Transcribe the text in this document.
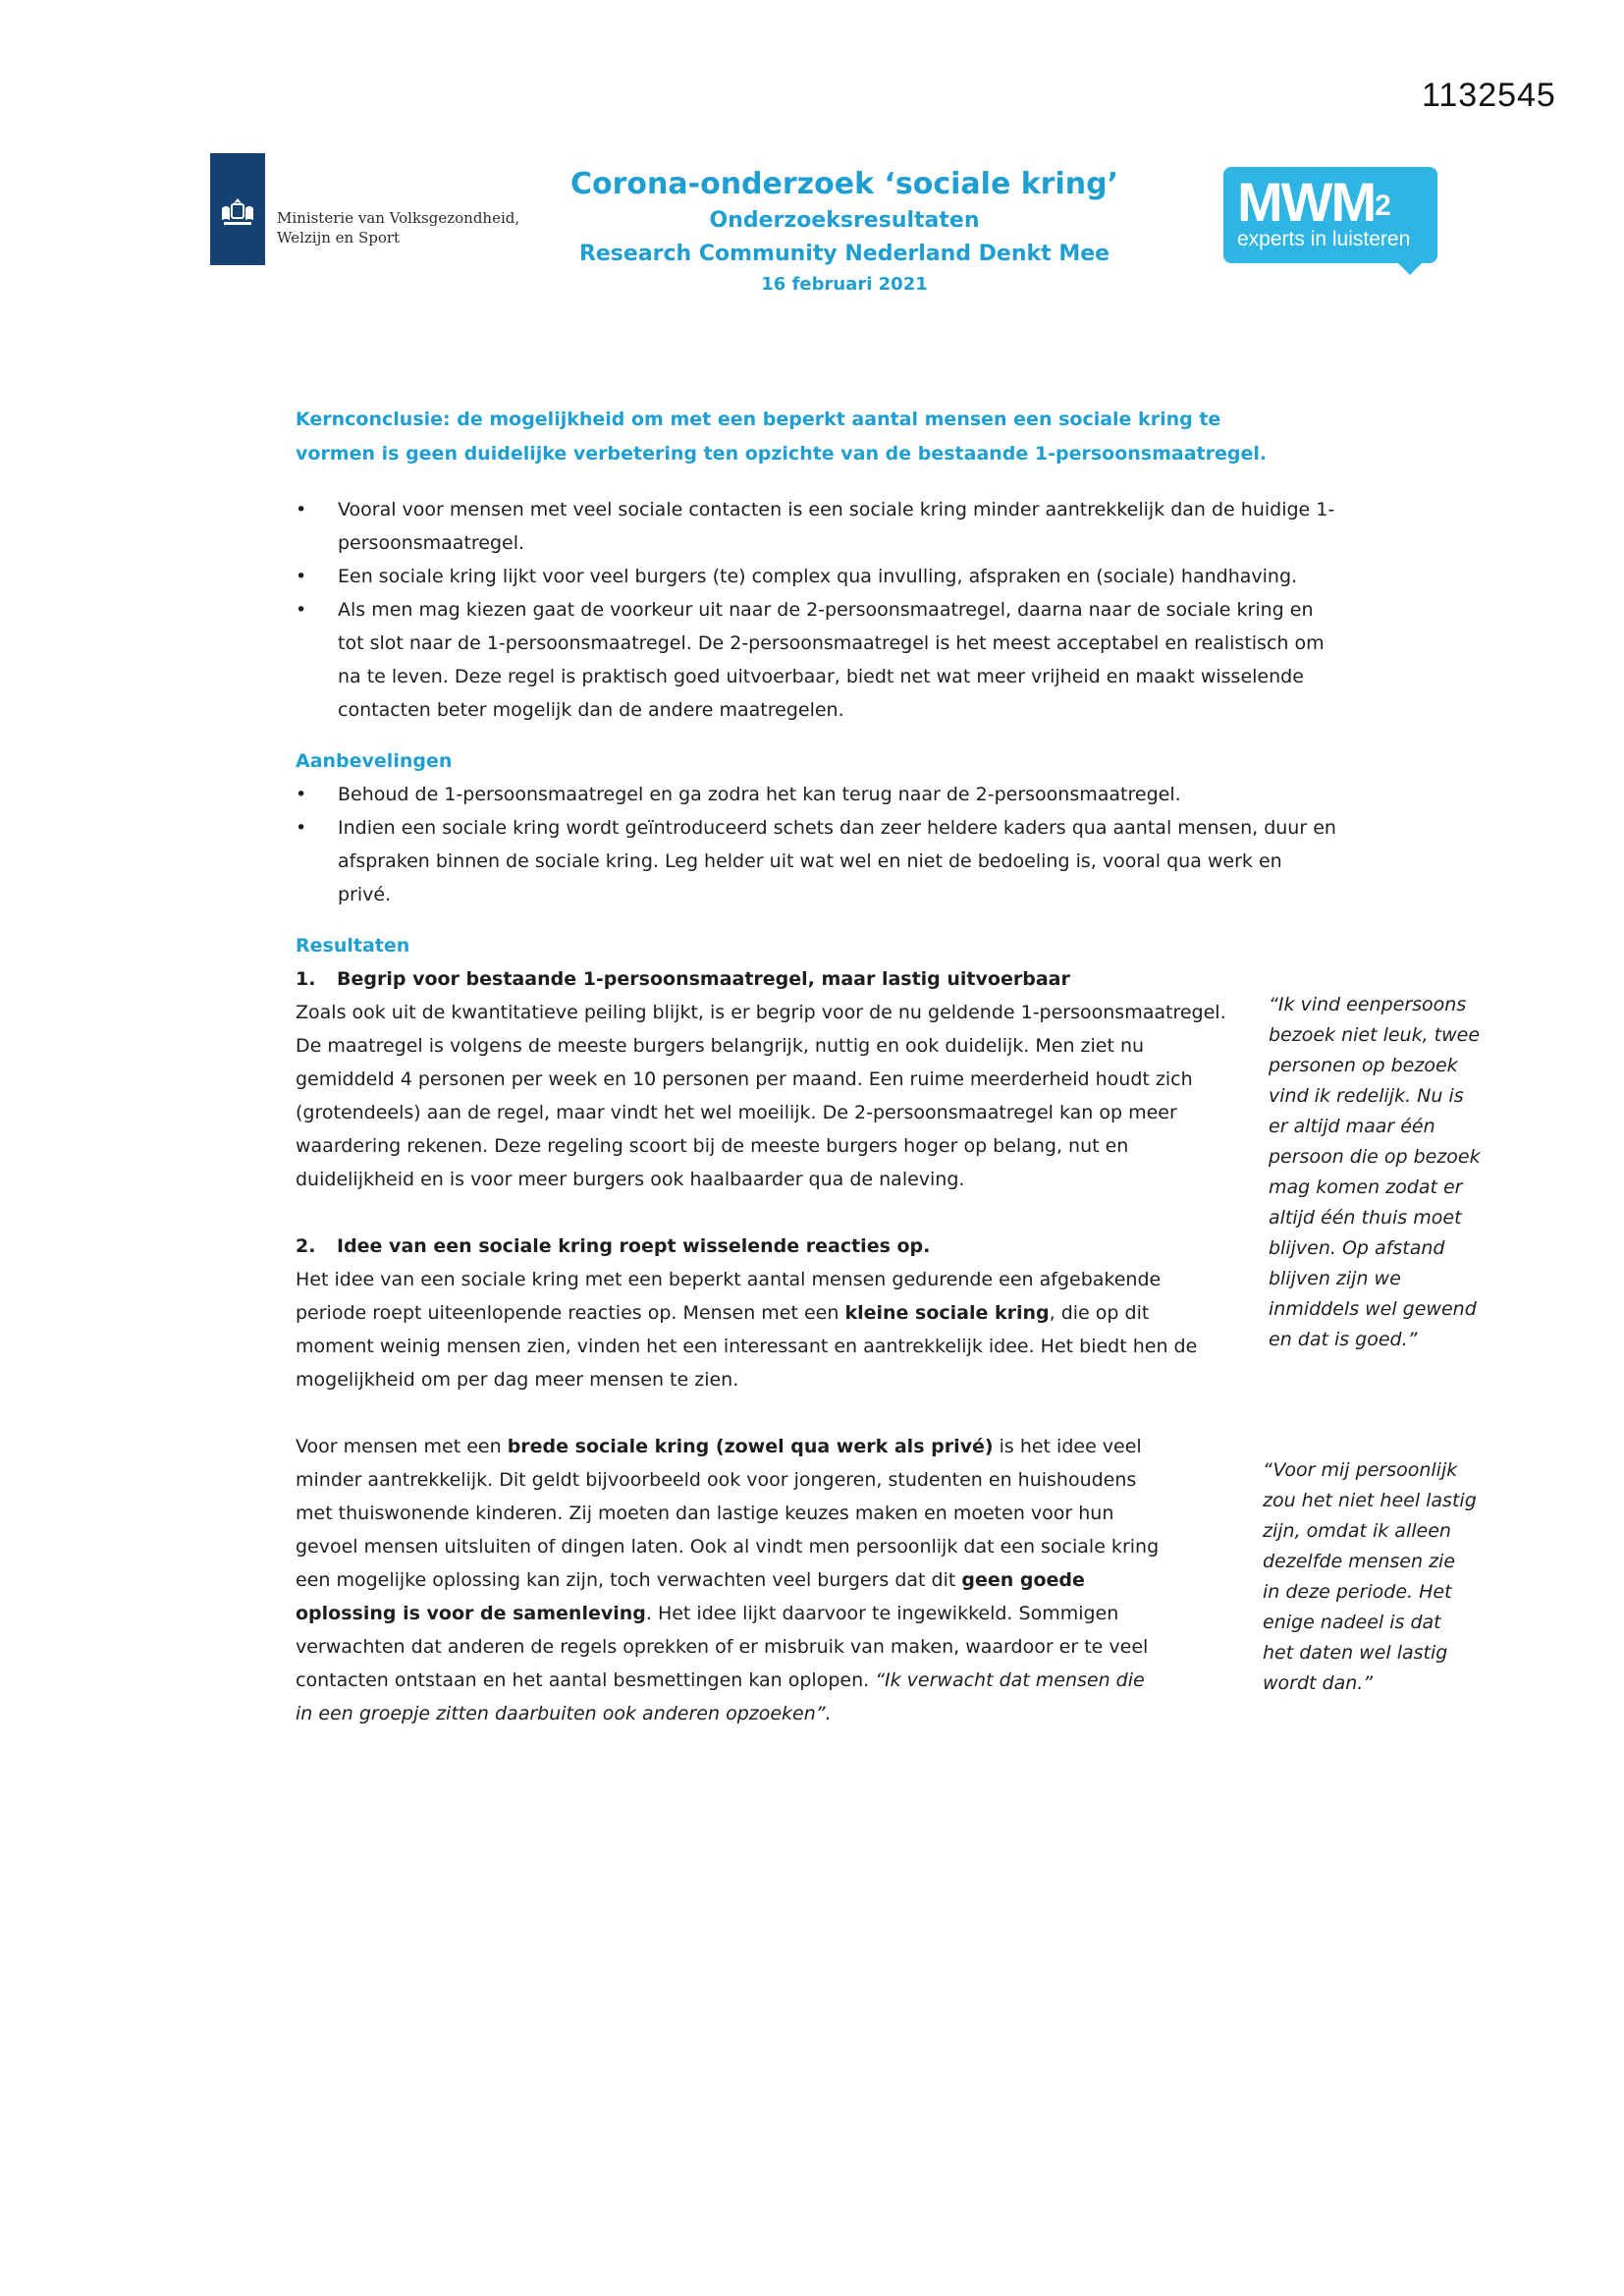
1132545
Ministerie van Volksgezondheid,
Welzijn en Sport
Corona-onderzoek ‘sociale kring’
Onderzoeksresultaten
Research Community Nederland Denkt Mee
16 februari 2021
MWM$^2$
experts in luisteren
Kernconclusie: de mogelijkheid om met een beperkt aantal mensen een sociale kring te vormen is geen duidelijke verbetering ten opzichte van de bestaande 1-persoonsmaatregel.
• Vooral voor mensen met veel sociale contacten is een sociale kring minder aantrekkelijk dan de huidige 1-persoonsmaatregel.
• Een sociale kring lijkt voor veel burgers (te) complex qua invulling, afspraken en (sociale) handhaving.
• Als men mag kiezen gaat de voorkeur uit naar de 2-persoonsmaatregel, daarna naar de sociale kring en tot slot naar de 1-persoonsmaatregel. De 2-persoonsmaatregel is het meest acceptabel en realistisch om na te leven. Deze regel is praktisch goed uitvoerbaar, biedt net wat meer vrijheid en maakt wisselende contacten beter mogelijk dan de andere maatregelen.
Aanbevelingen
• Behoud de 1-persoonsmaatregel en ga zodra het kan terug naar de 2-persoonsmaatregel.
• Indien een sociale kring wordt geïntroduceerd schets dan zeer heldere kaders qua aantal mensen, duur en afspraken binnen de sociale kring. Leg helder uit wat wel en niet de bedoeling is, vooral qua werk en privé.
Resultaten
1. Begrip voor bestaande 1-persoonsmaatregel, maar lastig uitvoerbaar
Zoals ook uit de kwantitatieve peiling blijkt, is er begrip voor de nu geldende 1-persoonsmaatregel. De maatregel is volgens de meeste burgers belangrijk, nuttig en ook duidelijk. Men ziet nu gemiddeld 4 personen per week en 10 personen per maand. Een ruime meerderheid houdt zich (grotendeels) aan de regel, maar vindt het wel moeilijk. De 2-persoonsmaatregel kan op meer waardering rekenen. Deze regeling scoort bij de meeste burgers hoger op belang, nut en duidelijkheid en is voor meer burgers ook haalbaarder qua de naleving.
2. Idee van een sociale kring roept wisselende reacties op.
Het idee van een sociale kring met een beperkt aantal mensen gedurende een afgebakende periode roept uiteenlopende reacties op. Mensen met een kleine sociale kring, die op dit moment weinig mensen zien, vinden het een interessant en aantrekkelijk idee. Het biedt hen de mogelijkheid om per dag meer mensen te zien.
Voor mensen met een brede sociale kring (zowel qua werk als privé) is het idee veel minder aantrekkelijk. Dit geldt bijvoorbeeld ook voor jongeren, studenten en huishoudens met thuiswonende kinderen. Zij moeten dan lastige keuzes maken en moeten voor hun gevoel mensen uitsluiten of dingen laten. Ook al vindt men persoonlijk dat een sociale kring een mogelijke oplossing kan zijn, toch verwachten veel burgers dat dit geen goede oplossing is voor de samenleving. Het idee lijkt daarvoor te ingewikkeld. Sommigen verwachten dat anderen de regels oprekken of er misbruik van maken, waardoor er te veel contacten ontstaan en het aantal besmettingen kan oplopen. “Ik verwacht dat mensen die in een groepje zitten daarbuiten ook anderen opzoeken”.
“Ik vind eenpersoons bezoek niet leuk, twee personen op bezoek vind ik redelijk. Nu is er altijd maar één persoon die op bezoek mag komen zodat er altijd één thuis moet blijven. Op afstand blijven zijn we inmiddels wel gewend en dat is goed.”
“Voor mij persoonlijk zou het niet heel lastig zijn, omdat ik alleen dezelfde mensen zie in deze periode. Het enige nadeel is dat het daten wel lastig wordt dan.”
